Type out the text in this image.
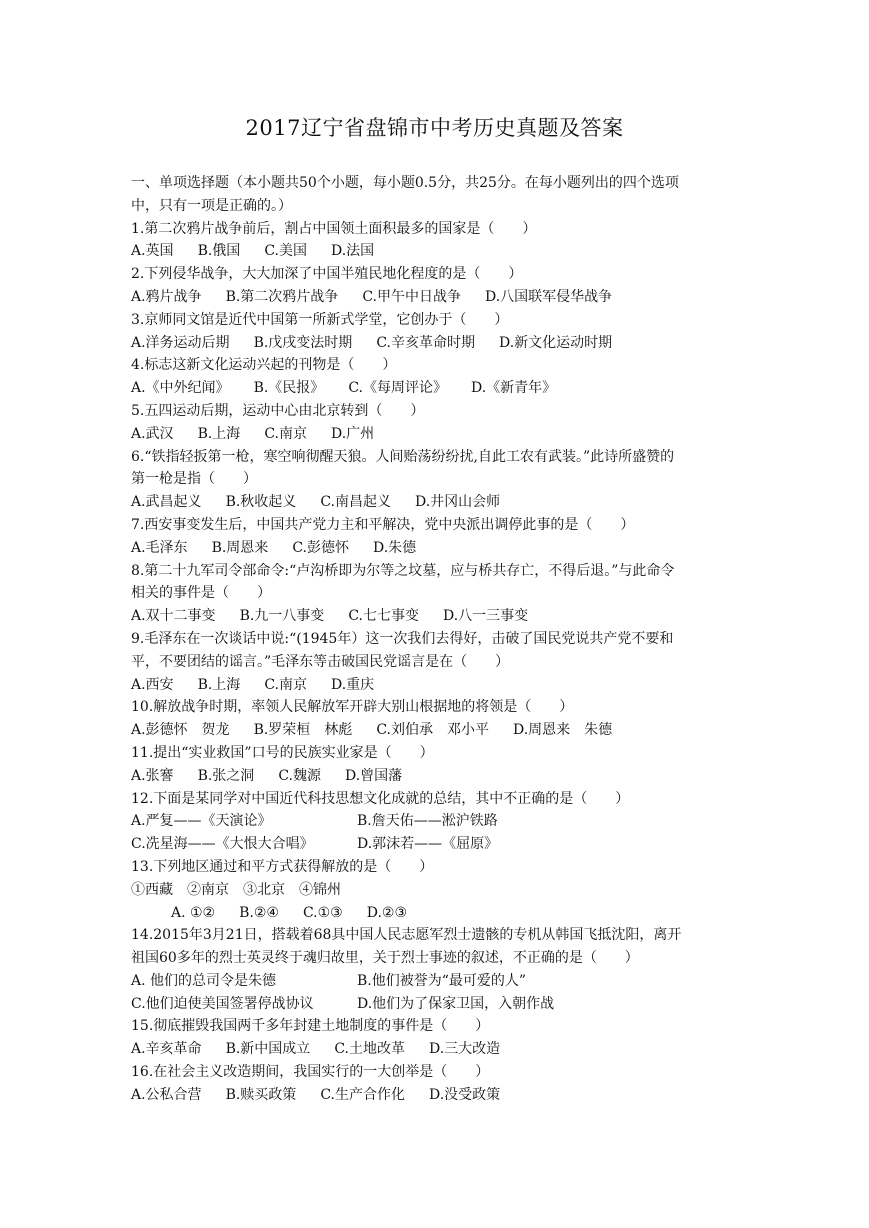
2017辽宁省盘锦市中考历史真题及答案
一、单项选择题（本小题共50个小题，每小题0.5分，共25分。在每小题列出的四个选项
中，只有一项是正确的。）
1.第二次鸦片战争前后，割占中国领土面积最多的国家是（　　）
A.英国 B.俄国 C.美国 D.法国
2.下列侵华战争，大大加深了中国半殖民地化程度的是（　　）
A.鸦片战争 B.第二次鸦片战争 C.甲午中日战争 D.八国联军侵华战争
3.京师同文馆是近代中国第一所新式学堂，它创办于（　　）
A.洋务运动后期 B.戊戌变法时期 C.辛亥革命时期 D.新文化运动时期
4.标志这新文化运动兴起的刊物是（　　）
A.《中外纪闻》 B.《民报》 C.《每周评论》 D.《新青年》
5.五四运动后期，运动中心由北京转到（　　）
A.武汉 B.上海 C.南京 D.广州
6.“铁指轻扳第一枪，寒空响彻醒天狼。人间贻荡纷纷扰,自此工农有武装。”此诗所盛赞的
第一枪是指（　　）
A.武昌起义 B.秋收起义 C.南昌起义 D.井冈山会师
7.西安事变发生后，中国共产党力主和平解决，党中央派出调停此事的是（　　）
A.毛泽东 B.周恩来 C.彭德怀 D.朱德
8.第二十九军司令部命令:“卢沟桥即为尔等之坟墓，应与桥共存亡，不得后退。”与此命令
相关的事件是（　　）
A.双十二事变 B.九一八事变 C.七七事变 D.八一三事变
9.毛泽东在一次谈话中说:“(1945年）这一次我们去得好，击破了国民党说共产党不要和
平，不要团结的谣言。”毛泽东等击破国民党谣言是在（　　）
A.西安 B.上海 C.南京 D.重庆
10.解放战争时期，率领人民解放军开辟大别山根据地的将领是（　　）
A.彭德怀　贺龙 B.罗荣桓　林彪 C.刘伯承　邓小平 D.周恩来　朱德
11.提出“实业救国”口号的民族实业家是（　　）
A.张謇 B.张之洞 C.魏源 D.曾国藩
12.下面是某同学对中国近代科技思想文化成就的总结，其中不正确的是（　　）
A.严复——《天演论》	B.詹天佑——淞沪铁路
C.冼星海——《大恨大合唱》	D.郭沫若——《屈原》
13.下列地区通过和平方式获得解放的是（　　）
①西藏　②南京　③北京　④锦州
A. ①② B.②④ C.①③ D.②③
14.2015年3月21日，搭载着68具中国人民志愿军烈士遗骸的专机从韩国飞抵沈阳，离开
祖国60多年的烈士英灵终于魂归故里，关于烈士事迹的叙述，不正确的是（　　）
A. 他们的总司令是朱德	B.他们被誉为“最可爱的人”
C.他们迫使美国签署停战协议	D.他们为了保家卫国，入朝作战
15.彻底摧毁我国两千多年封建土地制度的事件是（　　）
A.辛亥革命 B.新中国成立 C.土地改革 D.三大改造
16.在社会主义改造期间，我国实行的一大创举是（　　）
A.公私合营 B.赎买政策 C.生产合作化 D.没受政策
